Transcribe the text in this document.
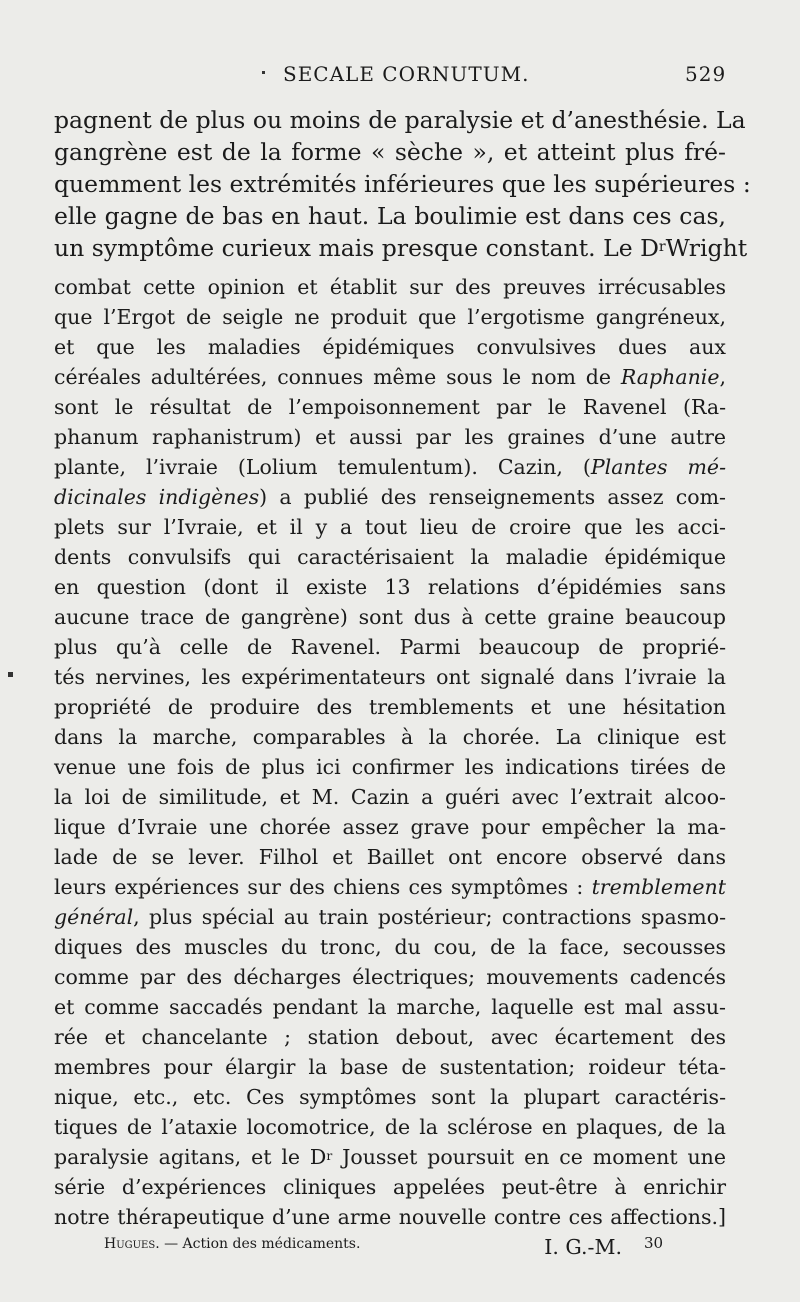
SECALE CORNUTUM.	529
pagnent de plus ou moins de paralysie et d’anesthésie. La
gangrène est de la forme « sèche », et atteint plus fré-
quemment les extrémités inférieures que les supérieures :
elle gagne de bas en haut. La boulimie est dans ces cas,
un symptôme curieux mais presque constant. Le $D^rWright$
combat cette opinion et établit sur des preuves irrécusables
que l’Ergot de seigle ne produit que l’ergotisme gangréneux,
et que les maladies épidémiques convulsives dues aux
céréales adultérées, connues même sous le nom de Raphanie,
sont le résultat de l’empoisonnement par le Ravenel (Ra-
phanum raphanistrum) et aussi par les graines d’une autre
plante, l’ivraie (Lolium temulentum). Cazin, (Plantes mé-
dicinales indigènes) a publié des renseignements assez com-
plets sur l’Ivraie, et il y a tout lieu de croire que les acci-
dents convulsifs qui caractérisaient la maladie épidémique
en question (dont il existe 13 relations d’épidémies sans
aucune trace de gangrène) sont dus à cette graine beaucoup
plus qu’à celle de Ravenel. Parmi beaucoup de proprié-
tés nervines, les expérimentateurs ont signalé dans l’ivraie la
propriété de produire des tremblements et une hésitation
dans la marche, comparables à la chorée. La clinique est
venue une fois de plus ici confirmer les indications tirées de
la loi de similitude, et M. Cazin a guéri avec l’extrait alcoo-
lique d’Ivraie une chorée assez grave pour empêcher la ma-
lade de se lever. Filhol et Baillet ont encore observé dans
leurs expériences sur des chiens ces symptômes : tremblement
général, plus spécial au train postérieur; contractions spasmo-
diques des muscles du tronc, du cou, de la face, secousses
comme par des décharges électriques; mouvements cadencés
et comme saccadés pendant la marche, laquelle est mal assu-
rée et chancelante ; station debout, avec écartement des
membres pour élargir la base de sustentation; roideur téta-
nique, etc., etc. Ces symptômes sont la plupart caractéris-
tiques de l’ataxie locomotrice, de la sclérose en plaques, de la
paralysie agitans, et le $D^r$ Jousset poursuit en ce moment une
série d’expériences cliniques appelées peut-être à enrichir
notre thérapeutique d’une arme nouvelle contre ces affections.]
I. G.-M.
Hugues. — Action des médicaments.	30
